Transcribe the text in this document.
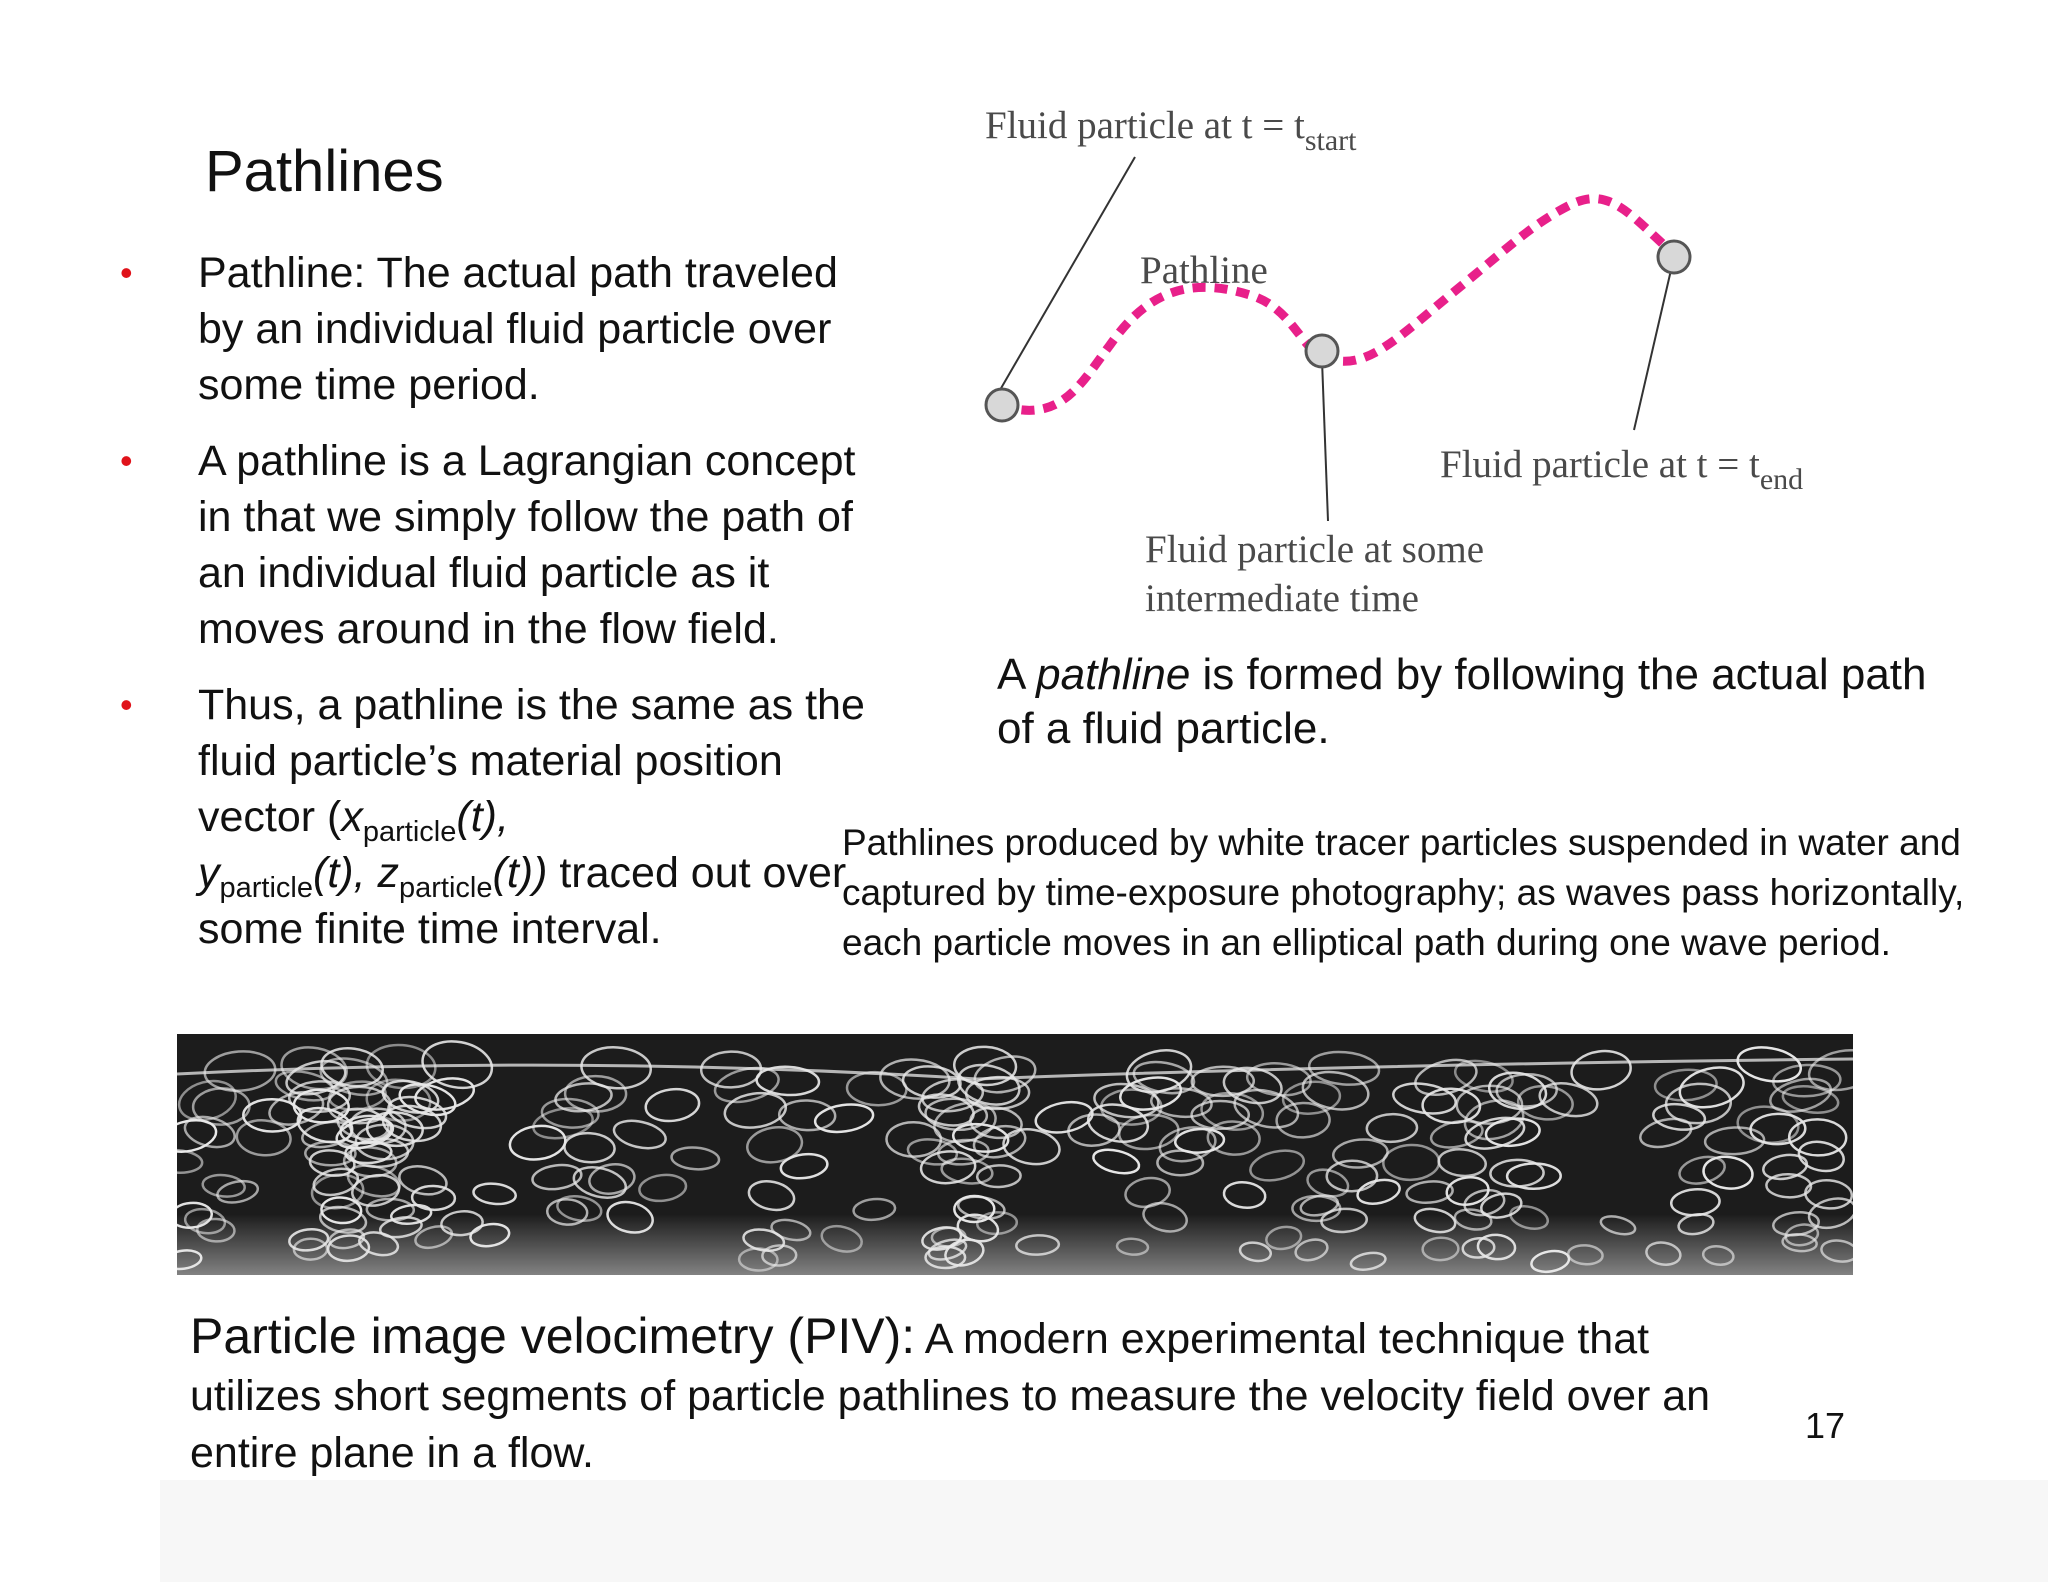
Pathlines
• Pathline: The actual path traveled by an individual fluid particle over some time period.
• A pathline is a Lagrangian concept in that we simply follow the path of an individual fluid particle as it moves around in the flow field.
• Thus, a pathline is the same as the fluid particle’s material position vector ($x_{particle}(t)$,
$y_{particle}(t)$, $z_{particle}(t)$) traced out over some finite time interval.
Fluid particle at $t = t_{start}$
Pathline
Fluid particle at $t = t_{end}$
Fluid particle at some
intermediate time
A pathline is formed by following the actual path of a fluid particle.
Pathlines produced by white tracer particles suspended in water and captured by time-exposure photography; as waves pass horizontally, each particle moves in an elliptical path during one wave period.
Particle image velocimetry (PIV): A modern experimental technique that utilizes short segments of particle pathlines to measure the velocity field over an entire plane in a flow.
17
